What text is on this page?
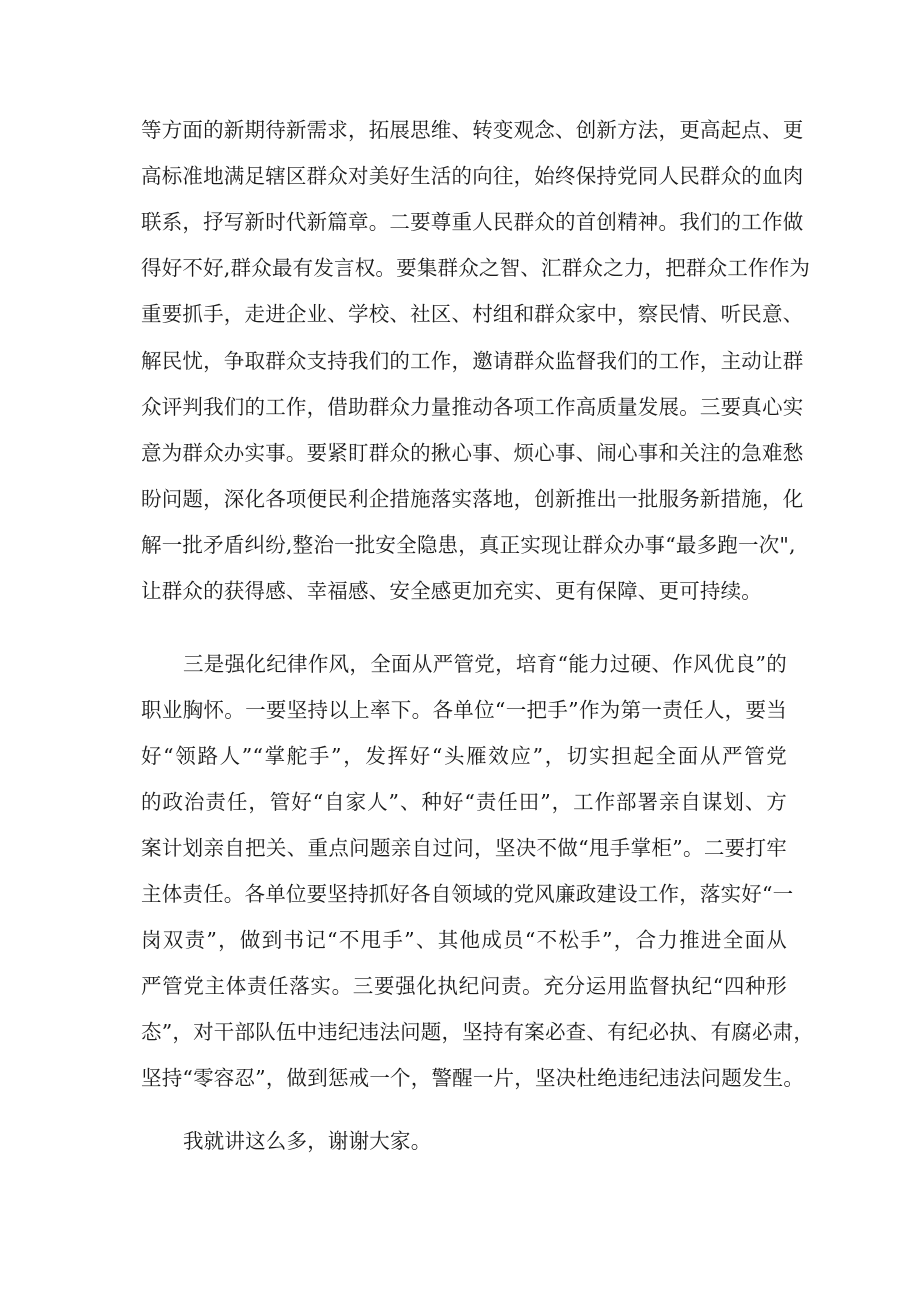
等方面的新期待新需求，拓展思维、转变观念、创新方法，更高起点、更
高标准地满足辖区群众对美好生活的向往，始终保持党同人民群众的血肉
联系，抒写新时代新篇章。二要尊重人民群众的首创精神。我们的工作做
得好不好,群众最有发言权。要集群众之智、汇群众之力，把群众工作作为
重要抓手，走进企业、学校、社区、村组和群众家中，察民情、听民意、
解民忧，争取群众支持我们的工作，邀请群众监督我们的工作，主动让群
众评判我们的工作，借助群众力量推动各项工作高质量发展。三要真心实
意为群众办实事。要紧盯群众的揪心事、烦心事、闹心事和关注的急难愁
盼问题，深化各项便民利企措施落实落地，创新推出一批服务新措施，化
解一批矛盾纠纷,整治一批安全隐患，真正实现让群众办事“最多跑一次",
让群众的获得感、幸福感、安全感更加充实、更有保障、更可持续。
三是强化纪律作风，全面从严管党，培育“能力过硬、作风优良”的
职业胸怀。一要坚持以上率下。各单位“一把手”作为第一责任人，要当
好“领路人”“掌舵手”，发挥好“头雁效应”，切实担起全面从严管党
的政治责任，管好“自家人”、种好“责任田”，工作部署亲自谋划、方
案计划亲自把关、重点问题亲自过问，坚决不做“甩手掌柜”。二要打牢
主体责任。各单位要坚持抓好各自领域的党风廉政建设工作，落实好“一
岗双责”，做到书记“不甩手”、其他成员“不松手”，合力推进全面从
严管党主体责任落实。三要强化执纪问责。充分运用监督执纪“四种形
态”，对干部队伍中违纪违法问题，坚持有案必查、有纪必执、有腐必肃，
坚持“零容忍”，做到惩戒一个，警醒一片，坚决杜绝违纪违法问题发生。
我就讲这么多，谢谢大家。
